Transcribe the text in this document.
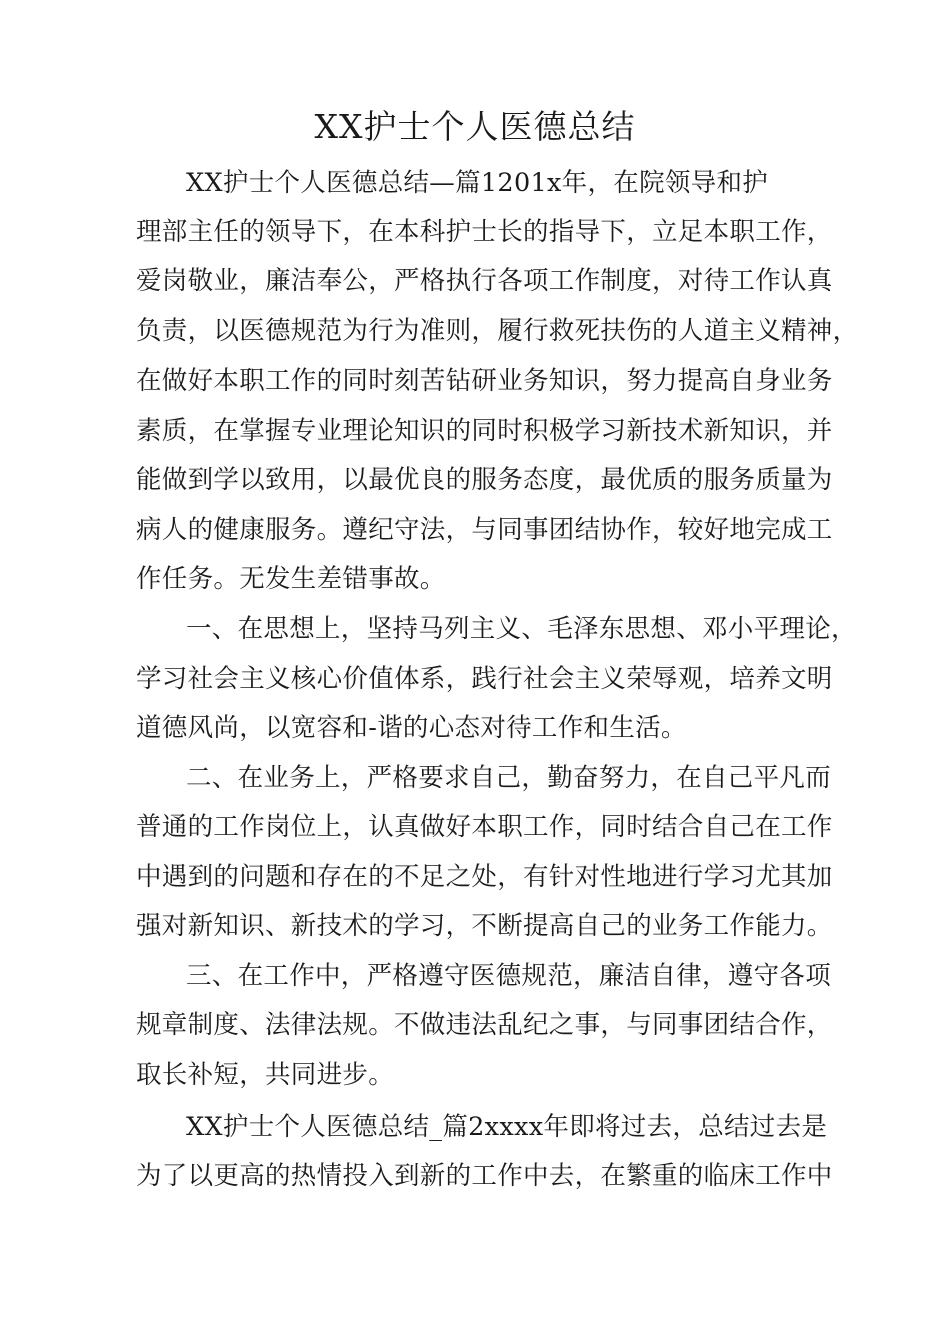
XX护士个人医德总结
XX护士个人医德总结—篇1201x年，在院领导和护
理部主任的领导下，在本科护士长的指导下，立足本职工作，
爱岗敬业，廉洁奉公，严格执行各项工作制度，对待工作认真
负责，以医德规范为行为准则，履行救死扶伤的人道主义精神，
在做好本职工作的同时刻苦钻研业务知识，努力提高自身业务
素质，在掌握专业理论知识的同时积极学习新技术新知识，并
能做到学以致用，以最优良的服务态度，最优质的服务质量为
病人的健康服务。遵纪守法，与同事团结协作，较好地完成工
作任务。无发生差错事故。
一、在思想上，坚持马列主义、毛泽东思想、邓小平理论，
学习社会主义核心价值体系，践行社会主义荣辱观，培养文明
道德风尚，以宽容和-谐的心态对待工作和生活。
二、在业务上，严格要求自己，勤奋努力，在自己平凡而
普通的工作岗位上，认真做好本职工作，同时结合自己在工作
中遇到的问题和存在的不足之处，有针对性地进行学习尤其加
强对新知识、新技术的学习，不断提高自己的业务工作能力。
三、在工作中，严格遵守医德规范，廉洁自律，遵守各项
规章制度、法律法规。不做违法乱纪之事，与同事团结合作，
取长补短，共同进步。
XX护士个人医德总结_篇2xxxx年即将过去，总结过去是
为了以更高的热情投入到新的工作中去，在繁重的临床工作中
